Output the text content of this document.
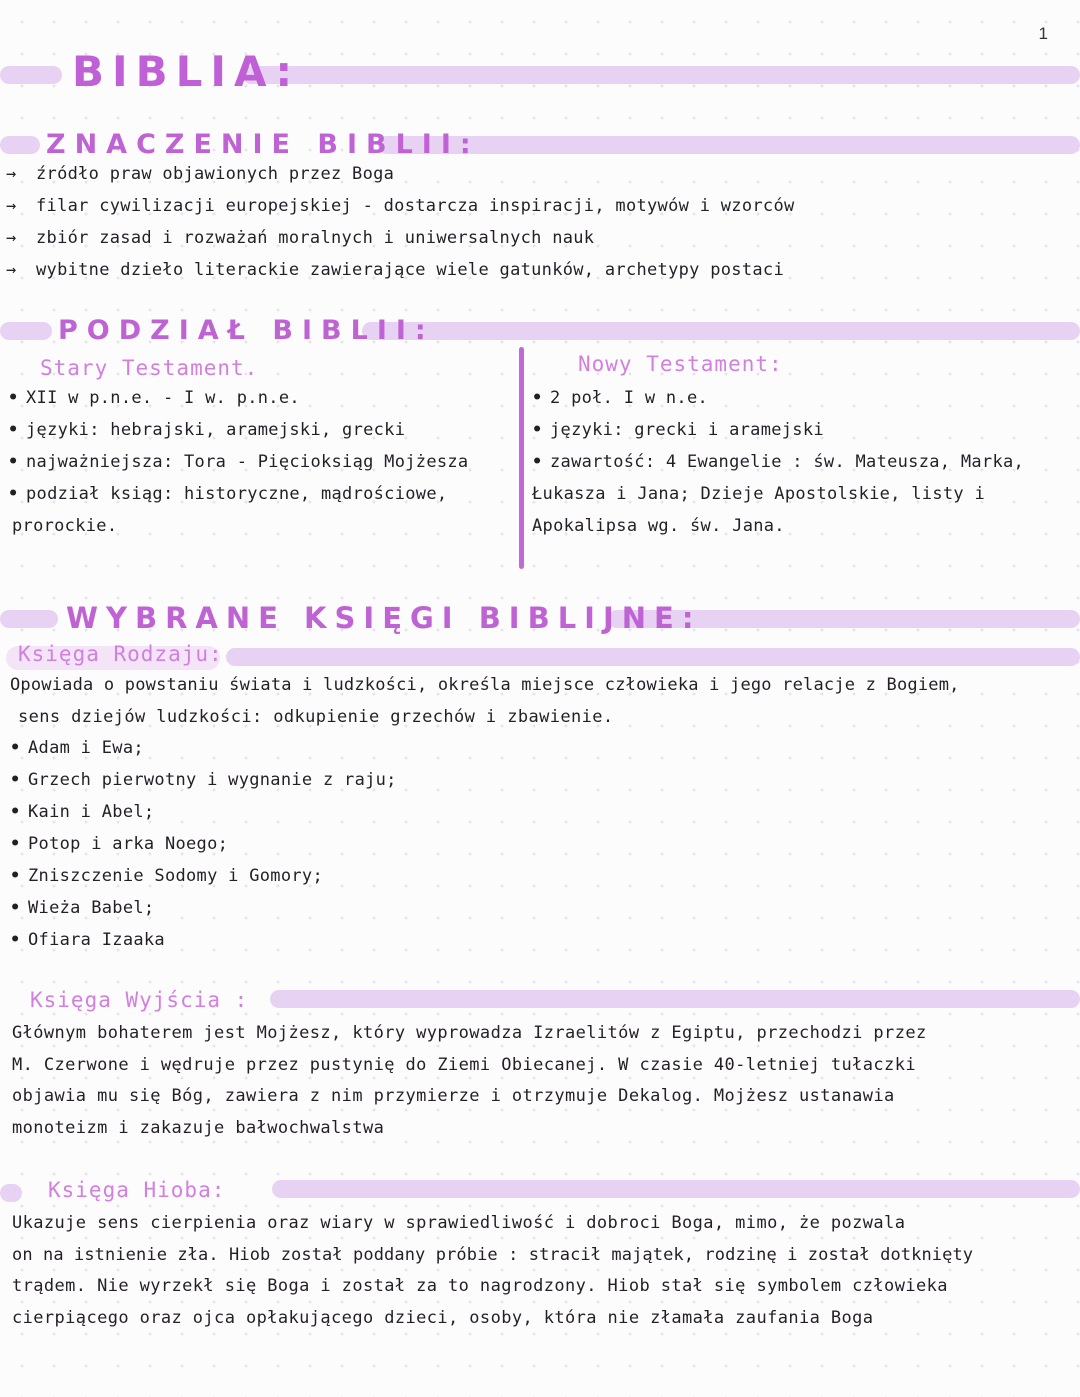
1
BIBLIA:
ZNACZENIE BIBLII:
→ źródło praw objawionych przez Boga
→ filar cywilizacji europejskiej - dostarcza inspiracji, motywów i wzorców
→ zbiór zasad i rozważań moralnych i uniwersalnych nauk
→ wybitne dzieło literackie zawierające wiele gatunków, archetypy postaci
PODZIAŁ BIBLII:
Stary Testament.
• XII w p.n.e. - I w. p.n.e.
• języki: hebrajski, aramejski, grecki
• najważniejsza: Tora - Pięcioksiąg Mojżesza
• podział ksiąg: historyczne, mądrościowe,
prorockie.
Nowy Testament:
• 2 poł. I w n.e.
• języki: grecki i aramejski
• zawartość: 4 Ewangelie : św. Mateusza, Marka,
Łukasza i Jana; Dzieje Apostolskie, listy i
Apokalipsa wg. św. Jana.
WYBRANE KSIĘGI BIBLIJNE:
Księga Rodzaju:
Opowiada o powstaniu świata i ludzkości, określa miejsce człowieka i jego relacje z Bogiem,
sens dziejów ludzkości: odkupienie grzechów i zbawienie.
• Adam i Ewa;
• Grzech pierwotny i wygnanie z raju;
• Kain i Abel;
• Potop i arka Noego;
• Zniszczenie Sodomy i Gomory;
• Wieża Babel;
• Ofiara Izaaka
Księga Wyjścia :
Głównym bohaterem jest Mojżesz, który wyprowadza Izraelitów z Egiptu, przechodzi przez
M. Czerwone i wędruje przez pustynię do Ziemi Obiecanej. W czasie 40-letniej tułaczki
objawia mu się Bóg, zawiera z nim przymierze i otrzymuje Dekalog. Mojżesz ustanawia
monoteizm i zakazuje bałwochwalstwa
Księga Hioba:
Ukazuje sens cierpienia oraz wiary w sprawiedliwość i dobroci Boga, mimo, że pozwala
on na istnienie zła. Hiob został poddany próbie : stracił majątek, rodzinę i został dotknięty
trądem. Nie wyrzekł się Boga i został za to nagrodzony. Hiob stał się symbolem człowieka
cierpiącego oraz ojca opłakującego dzieci, osoby, która nie złamała zaufania Boga
